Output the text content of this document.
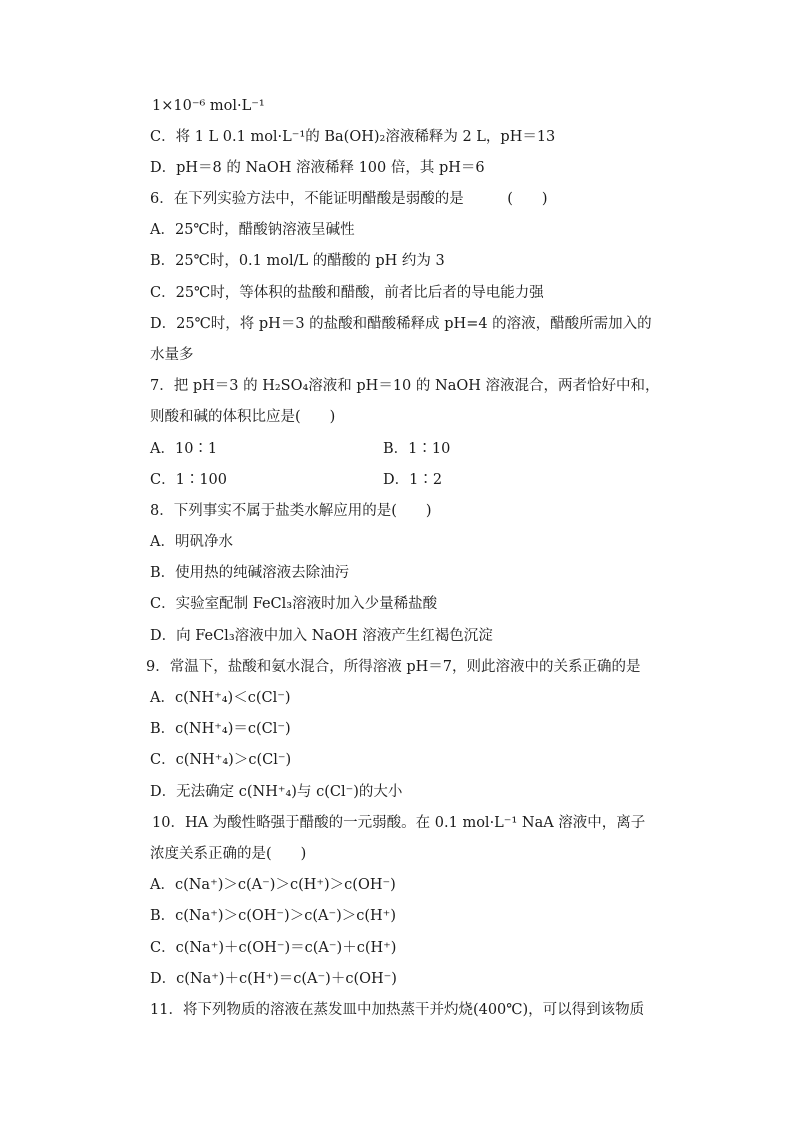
1×10⁻⁶ mol·L⁻¹
C．将 1 L 0.1 mol·L⁻¹的 Ba(OH)₂溶液稀释为 2 L，pH＝13
D．pH＝8 的 NaOH 溶液稀释 100 倍，其 pH＝6
6．在下列实验方法中，不能证明醋酸是弱酸的是　　　(　　)
A．25℃时，醋酸钠溶液呈碱性
B．25℃时，0.1 mol/L 的醋酸的 pH 约为 3
C．25℃时，等体积的盐酸和醋酸，前者比后者的导电能力强
D．25℃时，将 pH＝3 的盐酸和醋酸稀释成 pH=4 的溶液，醋酸所需加入的
水量多
7．把 pH＝3 的 H₂SO₄溶液和 pH＝10 的 NaOH 溶液混合，两者恰好中和，
则酸和碱的体积比应是(　　)
A．10∶1	B．1∶10
C．1∶100	D．1∶2
8．下列事实不属于盐类水解应用的是(　　)
A．明矾净水
B．使用热的纯碱溶液去除油污
C．实验室配制 FeCl₃溶液时加入少量稀盐酸
D．向 FeCl₃溶液中加入 NaOH 溶液产生红褐色沉淀
9．常温下，盐酸和氨水混合，所得溶液 pH＝7，则此溶液中的关系正确的是
A．c(NH⁺₄)＜c(Cl⁻)
B．c(NH⁺₄)＝c(Cl⁻)
C．c(NH⁺₄)＞c(Cl⁻)
D．无法确定 c(NH⁺₄)与 c(Cl⁻)的大小
10．HA 为酸性略强于醋酸的一元弱酸。在 0.1 mol·L⁻¹ NaA 溶液中，离子
浓度关系正确的是(　　)
A．c(Na⁺)＞c(A⁻)＞c(H⁺)＞c(OH⁻)
B．c(Na⁺)＞c(OH⁻)＞c(A⁻)＞c(H⁺)
C．c(Na⁺)＋c(OH⁻)＝c(A⁻)＋c(H⁺)
D．c(Na⁺)＋c(H⁺)＝c(A⁻)＋c(OH⁻)
11．将下列物质的溶液在蒸发皿中加热蒸干并灼烧(400℃)，可以得到该物质
